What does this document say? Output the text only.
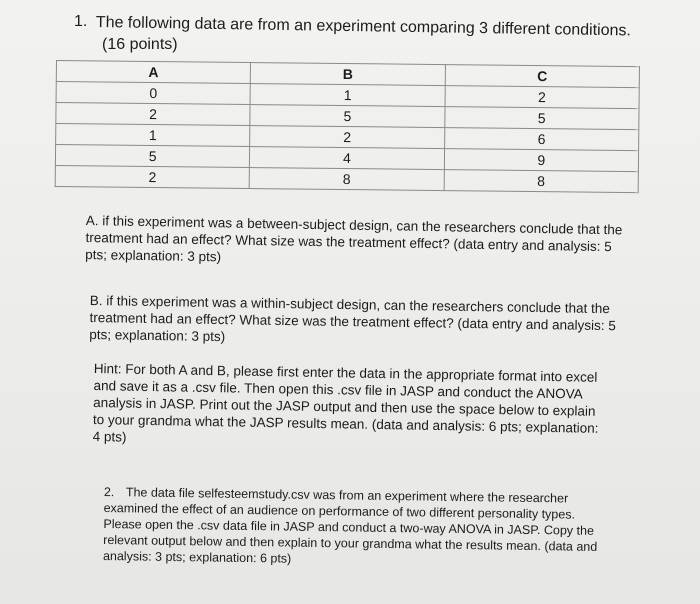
1. The following data are from an experiment comparing 3 different conditions.
(16 points)
A	B	C
0	1	2
2	5	5
1	2	6
5	4	9
2	8	8
A. if this experiment was a between-subject design, can the researchers conclude that the treatment had an effect? What size was the treatment effect? (data entry and analysis: 5 pts; explanation: 3 pts)
B. if this experiment was a within-subject design, can the researchers conclude that the treatment had an effect? What size was the treatment effect? (data entry and analysis: 5 pts; explanation: 3 pts)
Hint: For both A and B, please first enter the data in the appropriate format into excel and save it as a .csv file. Then open this .csv file in JASP and conduct the ANOVA analysis in JASP. Print out the JASP output and then use the space below to explain to your grandma what the JASP results mean. (data and analysis: 6 pts; explanation: 4 pts)
2. The data file selfesteemstudy.csv was from an experiment where the researcher examined the effect of an audience on performance of two different personality types. Please open the .csv data file in JASP and conduct a two-way ANOVA in JASP. Copy the relevant output below and then explain to your grandma what the results mean. (data and analysis: 3 pts; explanation: 6 pts)
